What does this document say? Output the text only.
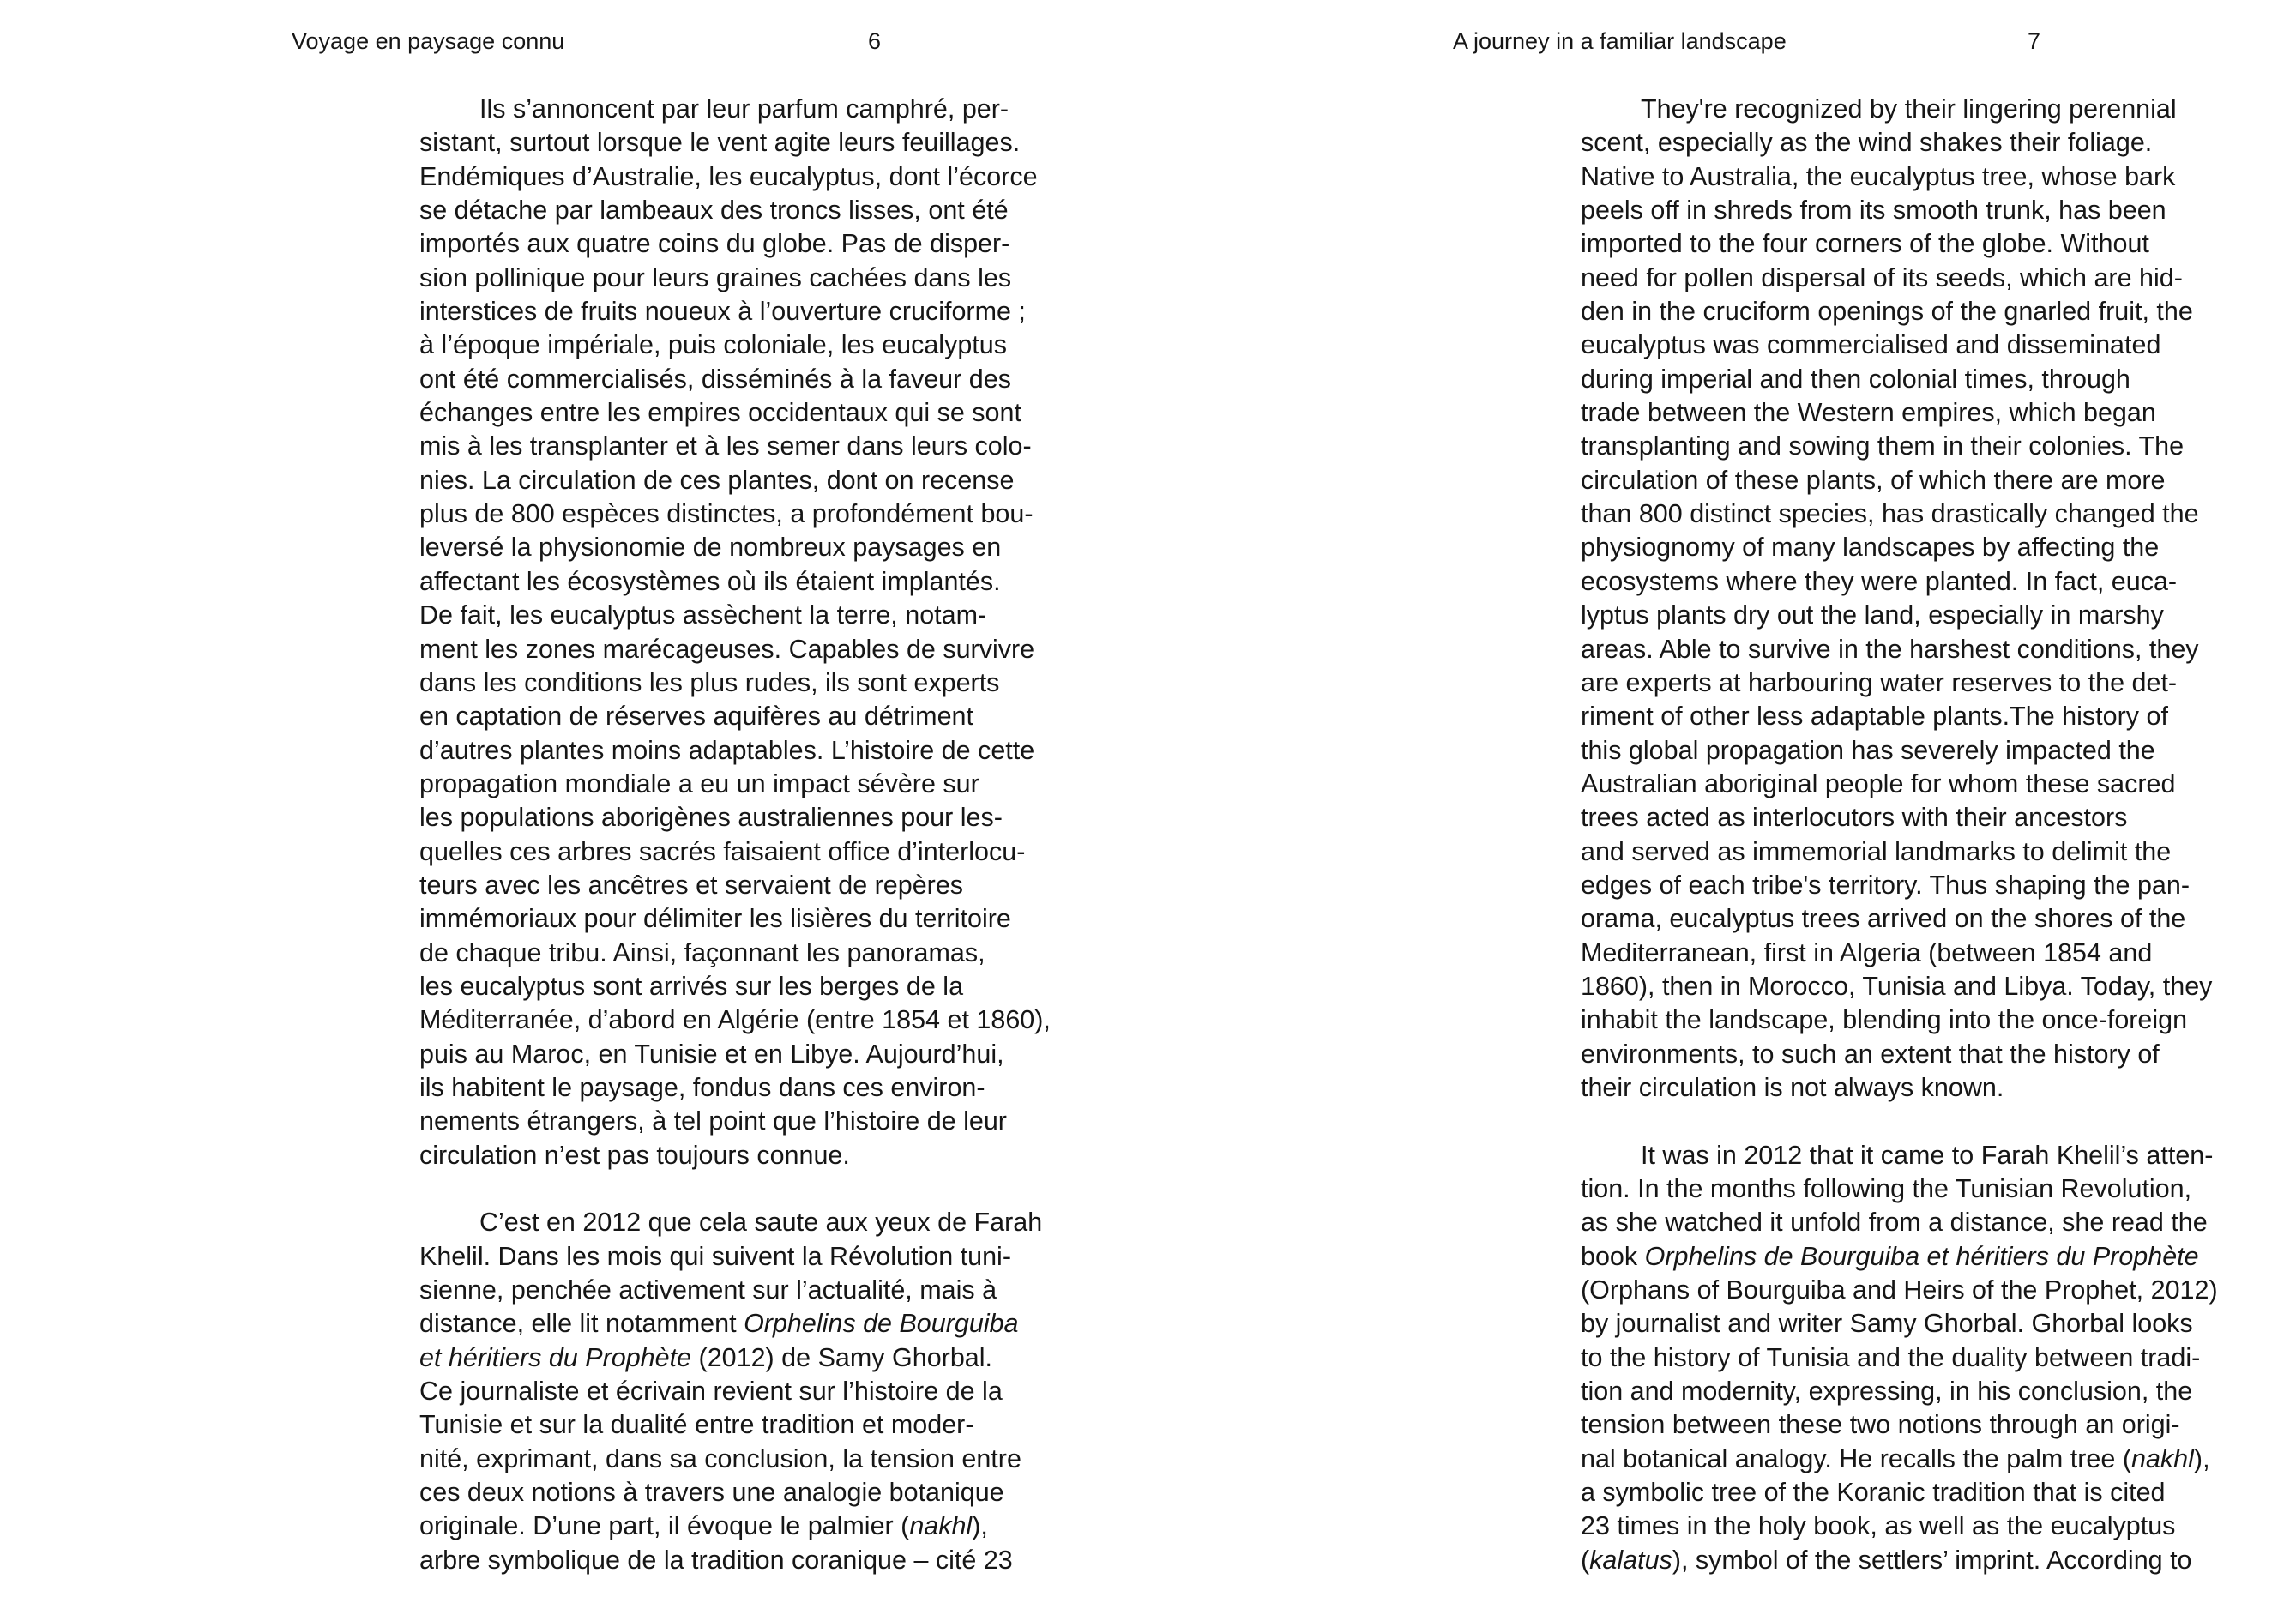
Voyage en paysage connu	6
Ils s’annoncent par leur parfum camphré, per-
sistant, surtout lorsque le vent agite leurs feuillages.
Endémiques d’Australie, les eucalyptus, dont l’écorce
se détache par lambeaux des troncs lisses, ont été
importés aux quatre coins du globe. Pas de disper-
sion pollinique pour leurs graines cachées dans les
interstices de fruits noueux à l’ouverture cruciforme ;
à l’époque impériale, puis coloniale, les eucalyptus
ont été commercialisés, disséminés à la faveur des
échanges entre les empires occidentaux qui se sont
mis à les transplanter et à les semer dans leurs colo-
nies. La circulation de ces plantes, dont on recense
plus de 800 espèces distinctes, a profondément bou-
leversé la physionomie de nombreux paysages en
affectant les écosystèmes où ils étaient implantés.
De fait, les eucalyptus assèchent la terre, notam-
ment les zones marécageuses. Capables de survivre
dans les conditions les plus rudes, ils sont experts
en captation de réserves aquifères au détriment
d’autres plantes moins adaptables. L’histoire de cette
propagation mondiale a eu un impact sévère sur
les populations aborigènes australiennes pour les-
quelles ces arbres sacrés faisaient office d’interlocu-
teurs avec les ancêtres et servaient de repères
immémoriaux pour délimiter les lisières du territoire
de chaque tribu. Ainsi, façonnant les panoramas,
les eucalyptus sont arrivés sur les berges de la
Méditerranée, d’abord en Algérie (entre 1854 et 1860),
puis au Maroc, en Tunisie et en Libye. Aujourd’hui,
ils habitent le paysage, fondus dans ces environ-
nements étrangers, à tel point que l’histoire de leur
circulation n’est pas toujours connue.
C’est en 2012 que cela saute aux yeux de Farah
Khelil. Dans les mois qui suivent la Révolution tuni-
sienne, penchée activement sur l’actualité, mais à
distance, elle lit notamment Orphelins de Bourguiba
et héritiers du Prophète (2012) de Samy Ghorbal.
Ce journaliste et écrivain revient sur l’histoire de la
Tunisie et sur la dualité entre tradition et moder-
nité, exprimant, dans sa conclusion, la tension entre
ces deux notions à travers une analogie botanique
originale. D’une part, il évoque le palmier (nakhl),
arbre symbolique de la tradition coranique – cité 23
A journey in a familiar landscape	7
They're recognized by their lingering perennial
scent, especially as the wind shakes their foliage.
Native to Australia, the eucalyptus tree, whose bark
peels off in shreds from its smooth trunk, has been
imported to the four corners of the globe. Without
need for pollen dispersal of its seeds, which are hid-
den in the cruciform openings of the gnarled fruit, the
eucalyptus was commercialised and disseminated
during imperial and then colonial times, through
trade between the Western empires, which began
transplanting and sowing them in their colonies. The
circulation of these plants, of which there are more
than 800 distinct species, has drastically changed the
physiognomy of many landscapes by affecting the
ecosystems where they were planted. In fact, euca-
lyptus plants dry out the land, especially in marshy
areas. Able to survive in the harshest conditions, they
are experts at harbouring water reserves to the det-
riment of other less adaptable plants.The history of
this global propagation has severely impacted the
Australian aboriginal people for whom these sacred
trees acted as interlocutors with their ancestors
and served as immemorial landmarks to delimit the
edges of each tribe's territory. Thus shaping the pan-
orama, eucalyptus trees arrived on the shores of the
Mediterranean, first in Algeria (between 1854 and
1860), then in Morocco, Tunisia and Libya. Today, they
inhabit the landscape, blending into the once-foreign
environments, to such an extent that the history of
their circulation is not always known.
It was in 2012 that it came to Farah Khelil’s atten-
tion. In the months following the Tunisian Revolution,
as she watched it unfold from a distance, she read the
book Orphelins de Bourguiba et héritiers du Prophète
(Orphans of Bourguiba and Heirs of the Prophet, 2012)
by journalist and writer Samy Ghorbal. Ghorbal looks
to the history of Tunisia and the duality between tradi-
tion and modernity, expressing, in his conclusion, the
tension between these two notions through an origi-
nal botanical analogy. He recalls the palm tree (nakhl),
a symbolic tree of the Koranic tradition that is cited
23 times in the holy book, as well as the eucalyptus
(kalatus), symbol of the settlers’ imprint. According to
